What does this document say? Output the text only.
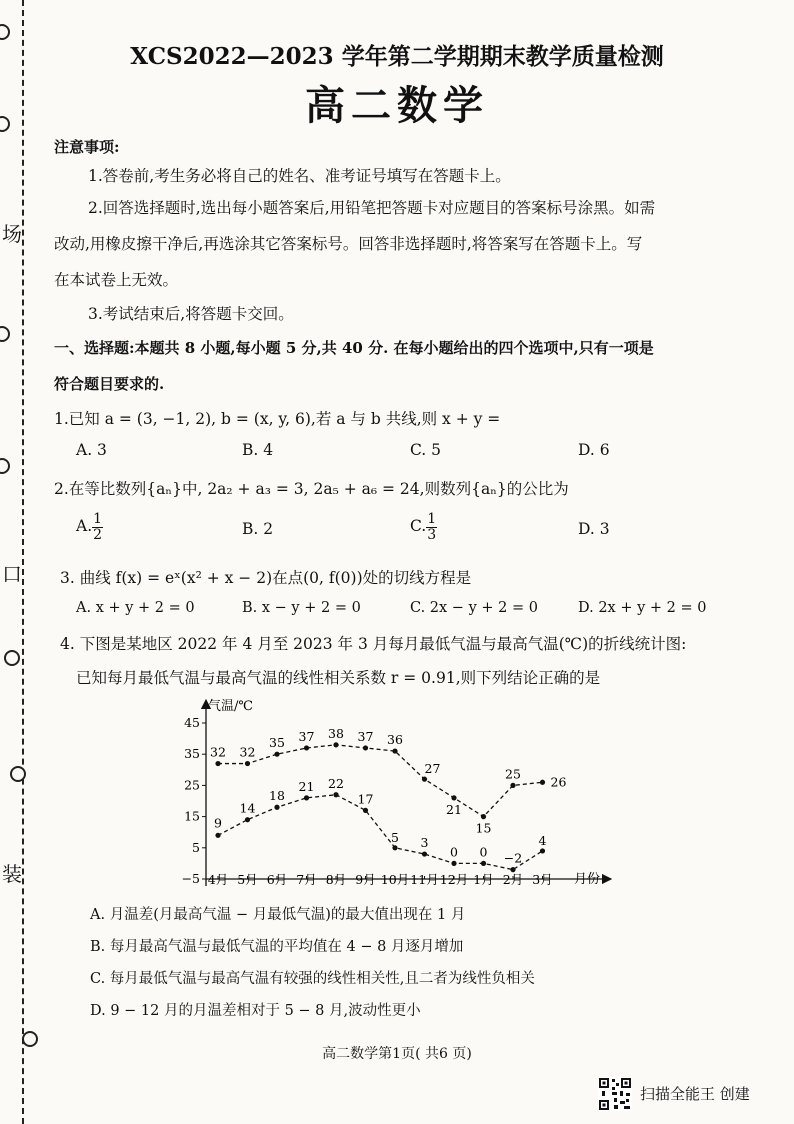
场
口
装
XCS2022—2023 学年第二学期期末教学质量检测
高二数学
注意事项:
1.答卷前,考生务必将自己的姓名、准考证号填写在答题卡上。
2.回答选择题时,选出每小题答案后,用铅笔把答题卡对应题目的答案标号涂黑。如需
改动,用橡皮擦干净后,再选涂其它答案标号。回答非选择题时,将答案写在答题卡上。写
在本试卷上无效。
3.考试结束后,将答题卡交回。
一、选择题:本题共 8 小题,每小题 5 分,共 40 分. 在每小题给出的四个选项中,只有一项是
符合题目要求的.
1.已知 a = (3, −1, 2), b = (x, y, 6),若 a 与 b 共线,则 x + y =
A. 3	B. 4	C. 5	D. 6
2.在等比数列{aₙ}中, 2a₂ + a₃ = 3, 2a₅ + a₆ = 24,则数列{aₙ}的公比为
A. $\frac{1}{2}$	B. 2	C. $\frac{1}{3}$	D. 3
3. 曲线 f(x) = eˣ(x² + x − 2)在点(0, f(0))处的切线方程是
A. x + y + 2 = 0	B. x − y + 2 = 0	C. 2x − y + 2 = 0	D. 2x + y + 2 = 0
4. 下图是某地区 2022 年 4 月至 2023 年 3 月每月最低气温与最高气温(℃)的折线统计图:
已知每月最低气温与最高气温的线性相关系数 r = 0.91,则下列结论正确的是
气温/℃
月份
45
35
25
15
5
−5 4月 5月 6月 7月 8月 9月 10月 11月 12月 1月 2月 3月
32 32
35 37 38 37 36
27
21
15
25
26
9
14
18
21 22
17
5 3
0 0 −2
4
A. 月温差(月最高气温 − 月最低气温)的最大值出现在 1 月
B. 每月最高气温与最低气温的平均值在 4 − 8 月逐月增加
C. 每月最低气温与最高气温有较强的线性相关性,且二者为线性负相关
D. 9 − 12 月的月温差相对于 5 − 8 月,波动性更小
高二数学第1页( 共6 页)
扫描全能王 创建
